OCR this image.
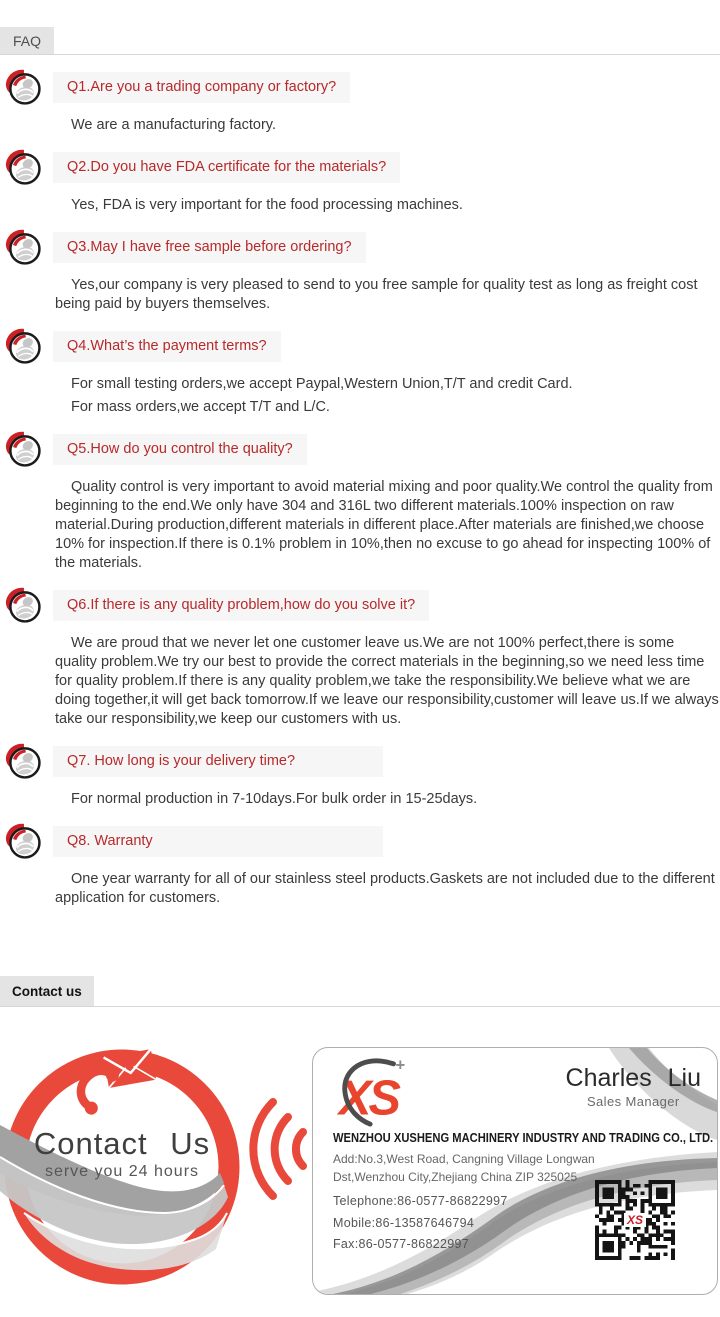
FAQ
Q1.Are you a trading company or factory?

We are a manufacturing factory.

Q2.Do you have FDA certificate for the materials?

Yes, FDA is very important for the food processing machines.

Q3.May I have free sample before ordering?

Yes,our company is very pleased to send to you free sample for quality test as long as freight cost being paid by buyers themselves.

Q4.What’s the payment terms?

For small testing orders,we accept Paypal,Western Union,T/T and credit Card.

For mass orders,we accept T/T and L/C.

Q5.How do you control the quality?

Quality control is very important to avoid material mixing and poor quality.We control the quality from beginning to the end.We only have 304 and 316L two different materials.100% inspection on raw material.During production,different materials in different place.After materials are finished,we choose 10% for inspection.If there is 0.1% problem in 10%,then no excuse to go ahead for inspecting 100% of the materials.

Q6.If there is any quality problem,how do you solve it?

We are proud that we never let one customer leave us.We are not 100% perfect,there is some quality problem.We try our best to provide the correct materials in the beginning,so we need less time for quality problem.If there is any quality problem,we take the responsibility.We believe what we are doing together,it will get back tomorrow.If we leave our responsibility,customer will leave us.If we always take our responsibility,we keep our customers with us.

Q7. How long is your delivery time?

For normal production in 7-10days.For bulk order in 15-25days.

Q8. Warranty

One year warranty for all of our stainless steel products.Gaskets are not included due to the different application for customers.

Contact us
Contact Us
serve you 24 hours
XS
+	Charles Liu
Sales Manager
WENZHOU XUSHENG MACHINERY INDUSTRY AND TRADING CO., LTD.
Add:No.3,West Road, Cangning Village Longwan Dst,Wenzhou City,Zhejiang China ZIP 325025
Telephone:86-0577-86822997
Mobile:86-13587646794
Fax:86-0577-86822997
XS
